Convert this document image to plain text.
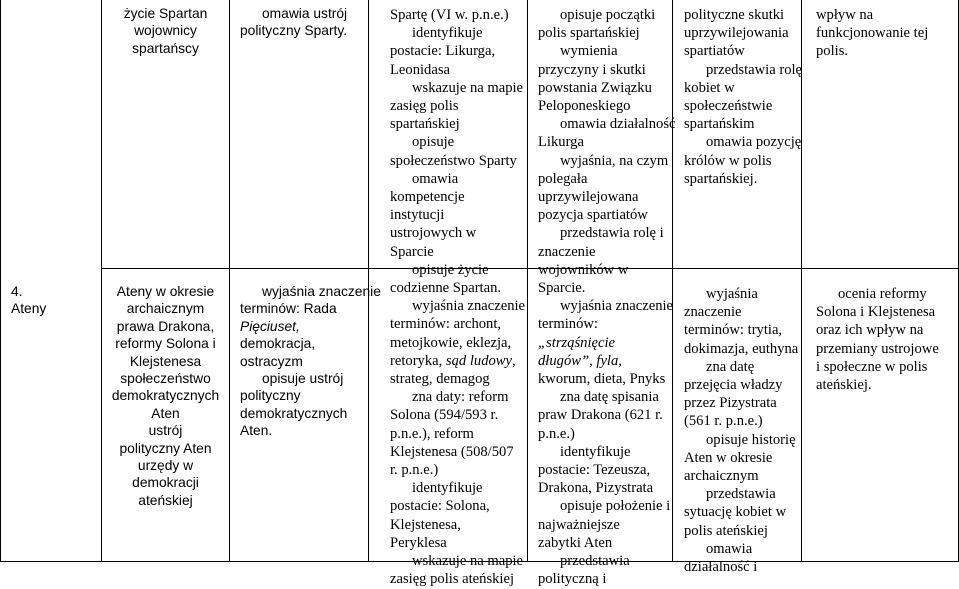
4.
Ateny
życie Spartan
wojownicy
spartańscy
Ateny w okresie
archaicznym
prawa Drakona,
reformy Solona i
Klejstenesa
społeczeństwo
demokratycznych
Aten
ustrój
polityczny Aten
urzędy w
demokracji
ateńskiej
omawia ustrój
polityczny Sparty.
wyjaśnia znaczenie
terminów: Rada
Pięciuset,
demokracja,
ostracyzm
opisuje ustrój
polityczny
demokratycznych
Aten.
Spartę (VI w. p.n.e.)
identyfikuje
postacie: Likurga,
Leonidasa
wskazuje na mapie
zasięg polis
spartańskiej
opisuje
społeczeństwo Sparty
omawia
kompetencje
instytucji
ustrojowych w
Sparcie
opisuje życie
codzienne Spartan.
wyjaśnia znaczenie
terminów: archont,
metojkowie, eklezja,
retoryka, sąd ludowy,
strateg, demagog
zna daty: reform
Solona (594/593 r.
p.n.e.), reform
Klejstenesa (508/507
r. p.n.e.)
identyfikuje
postacie: Solona,
Klejstenesa,
Peryklesa
wskazuje na mapie
zasięg polis ateńskiej
opisuje początki
polis spartańskiej
wymienia
przyczyny i skutki
powstania Związku
Peloponeskiego
omawia działalność
Likurga
wyjaśnia, na czym
polegała
uprzywilejowana
pozycja spartiatów
przedstawia rolę i
znaczenie
wojowników w
Sparcie.
wyjaśnia znaczenie
terminów:
„strząśnięcie
długów”, fyla,
kworum, dieta, Pnyks
zna datę spisania
praw Drakona (621 r.
p.n.e.)
identyfikuje
postacie: Tezeusza,
Drakona, Pizystrata
opisuje położenie i
najważniejsze
zabytki Aten
przedstawia
polityczną i
polityczne skutki
uprzywilejowania
spartiatów
przedstawia rolę
kobiet w
społeczeństwie
spartańskim
omawia pozycję
królów w polis
spartańskiej.
wyjaśnia
znaczenie
terminów: trytia,
dokimazja, euthyna
zna datę
przejęcia władzy
przez Pizystrata
(561 r. p.n.e.)
opisuje historię
Aten w okresie
archaicznym
przedstawia
sytuację kobiet w
polis ateńskiej
omawia
działalność i
wpływ na
funkcjonowanie tej
polis.
ocenia reformy
Solona i Klejstenesa
oraz ich wpływ na
przemiany ustrojowe
i społeczne w polis
ateńskiej.
